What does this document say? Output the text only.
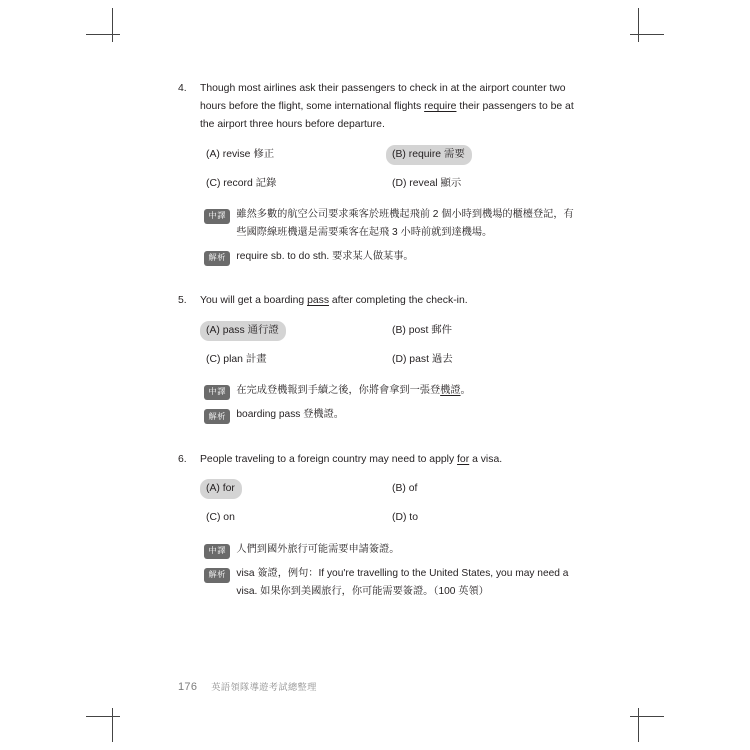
4.	Though most airlines ask their passengers to check in at the airport counter two hours before the flight, some international flights require their passengers to be at the airport three hours before departure.
(A) revise 修正	(B) require 需要
(C) record 記錄	(D) reveal 顯示
中譯	雖然多數的航空公司要求乘客於班機起飛前 2 個小時到機場的櫃檯登記，有些國際線班機還是需要乘客在起飛 3 小時前就到達機場。
解析	require sb. to do sth. 要求某人做某事。
5.	You will get a boarding pass after completing the check-in.
(A) pass 通行證	(B) post 郵件
(C) plan 計畫	(D) past 過去
中譯	在完成登機報到手續之後，你將會拿到一張登機證。
解析	boarding pass 登機證。
6.	People traveling to a foreign country may need to apply for a visa.
(A) for	(B) of
(C) on	(D) to
中譯	人們到國外旅行可能需要申請簽證。
解析	visa 簽證，例句：If you're travelling to the United States, you may need a visa. 如果你到美國旅行，你可能需要簽證。（100 英領）
176 英語領隊導遊考試總整理
